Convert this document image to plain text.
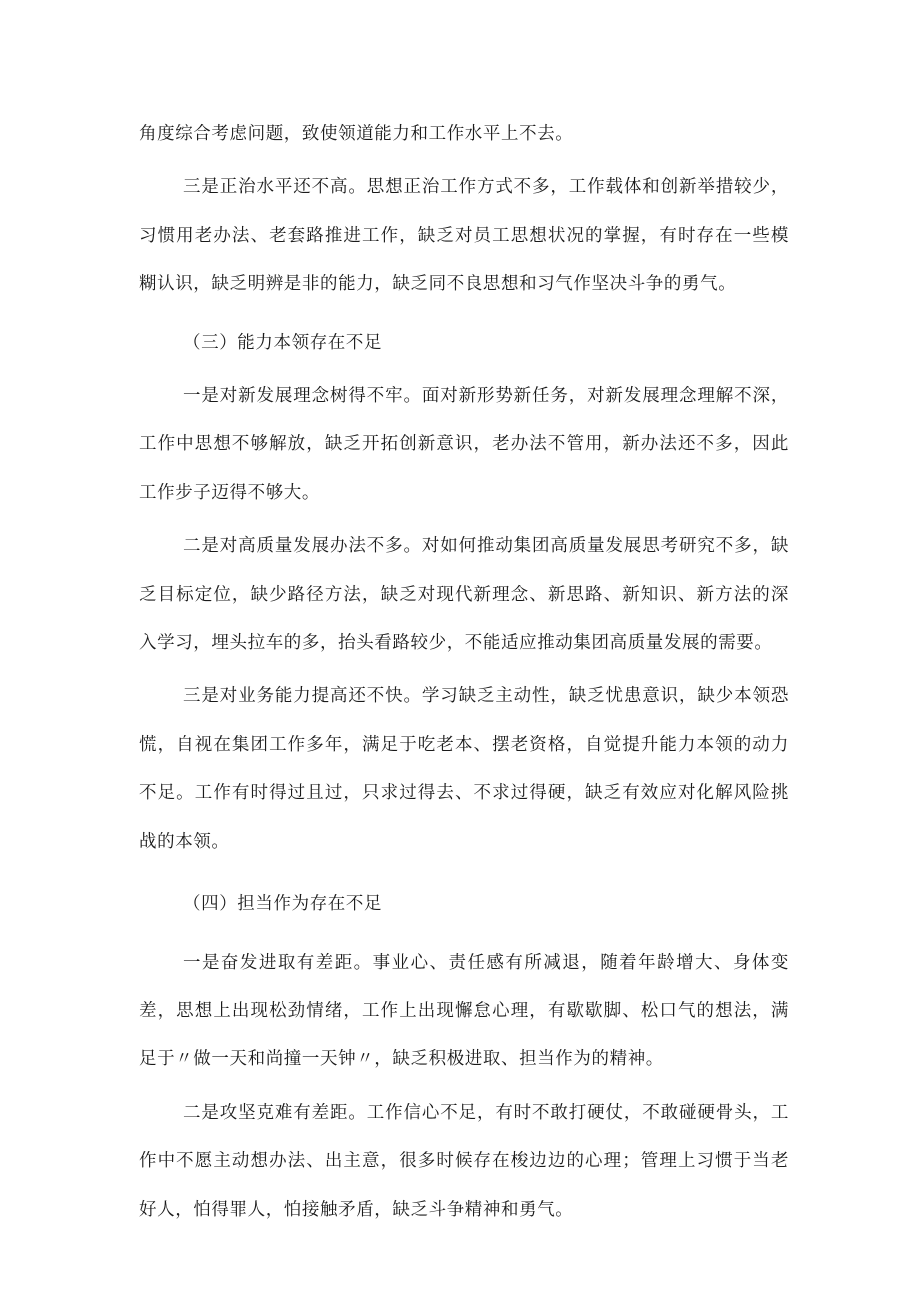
角度综合考虑问题，致使领道能力和工作水平上不去。

三是正治水平还不高。思想正治工作方式不多，工作载体和创新举措较少，习惯用老办法、老套路推进工作，缺乏对员工思想状况的掌握，有时存在一些模糊认识，缺乏明辨是非的能力，缺乏同不良思想和习气作坚决斗争的勇气。

（三）能力本领存在不足

一是对新发展理念树得不牢。面对新形势新任务，对新发展理念理解不深，工作中思想不够解放，缺乏开拓创新意识，老办法不管用，新办法还不多，因此工作步子迈得不够大。

二是对高质量发展办法不多。对如何推动集团高质量发展思考研究不多，缺乏目标定位，缺少路径方法，缺乏对现代新理念、新思路、新知识、新方法的深入学习，埋头拉车的多，抬头看路较少，不能适应推动集团高质量发展的需要。

三是对业务能力提高还不快。学习缺乏主动性，缺乏忧患意识，缺少本领恐慌，自视在集团工作多年，满足于吃老本、摆老资格，自觉提升能力本领的动力不足。工作有时得过且过，只求过得去、不求过得硬，缺乏有效应对化解风险挑战的本领。

（四）担当作为存在不足

一是奋发进取有差距。事业心、责任感有所减退，随着年龄增大、身体变差，思想上出现松劲情绪，工作上出现懈怠心理，有歇歇脚、松口气的想法，满足于〃做一天和尚撞一天钟〃，缺乏积极进取、担当作为的精神。

二是攻坚克难有差距。工作信心不足，有时不敢打硬仗，不敢碰硬骨头，工作中不愿主动想办法、出主意，很多时候存在梭边边的心理；管理上习惯于当老好人，怕得罪人，怕接触矛盾，缺乏斗争精神和勇气。
